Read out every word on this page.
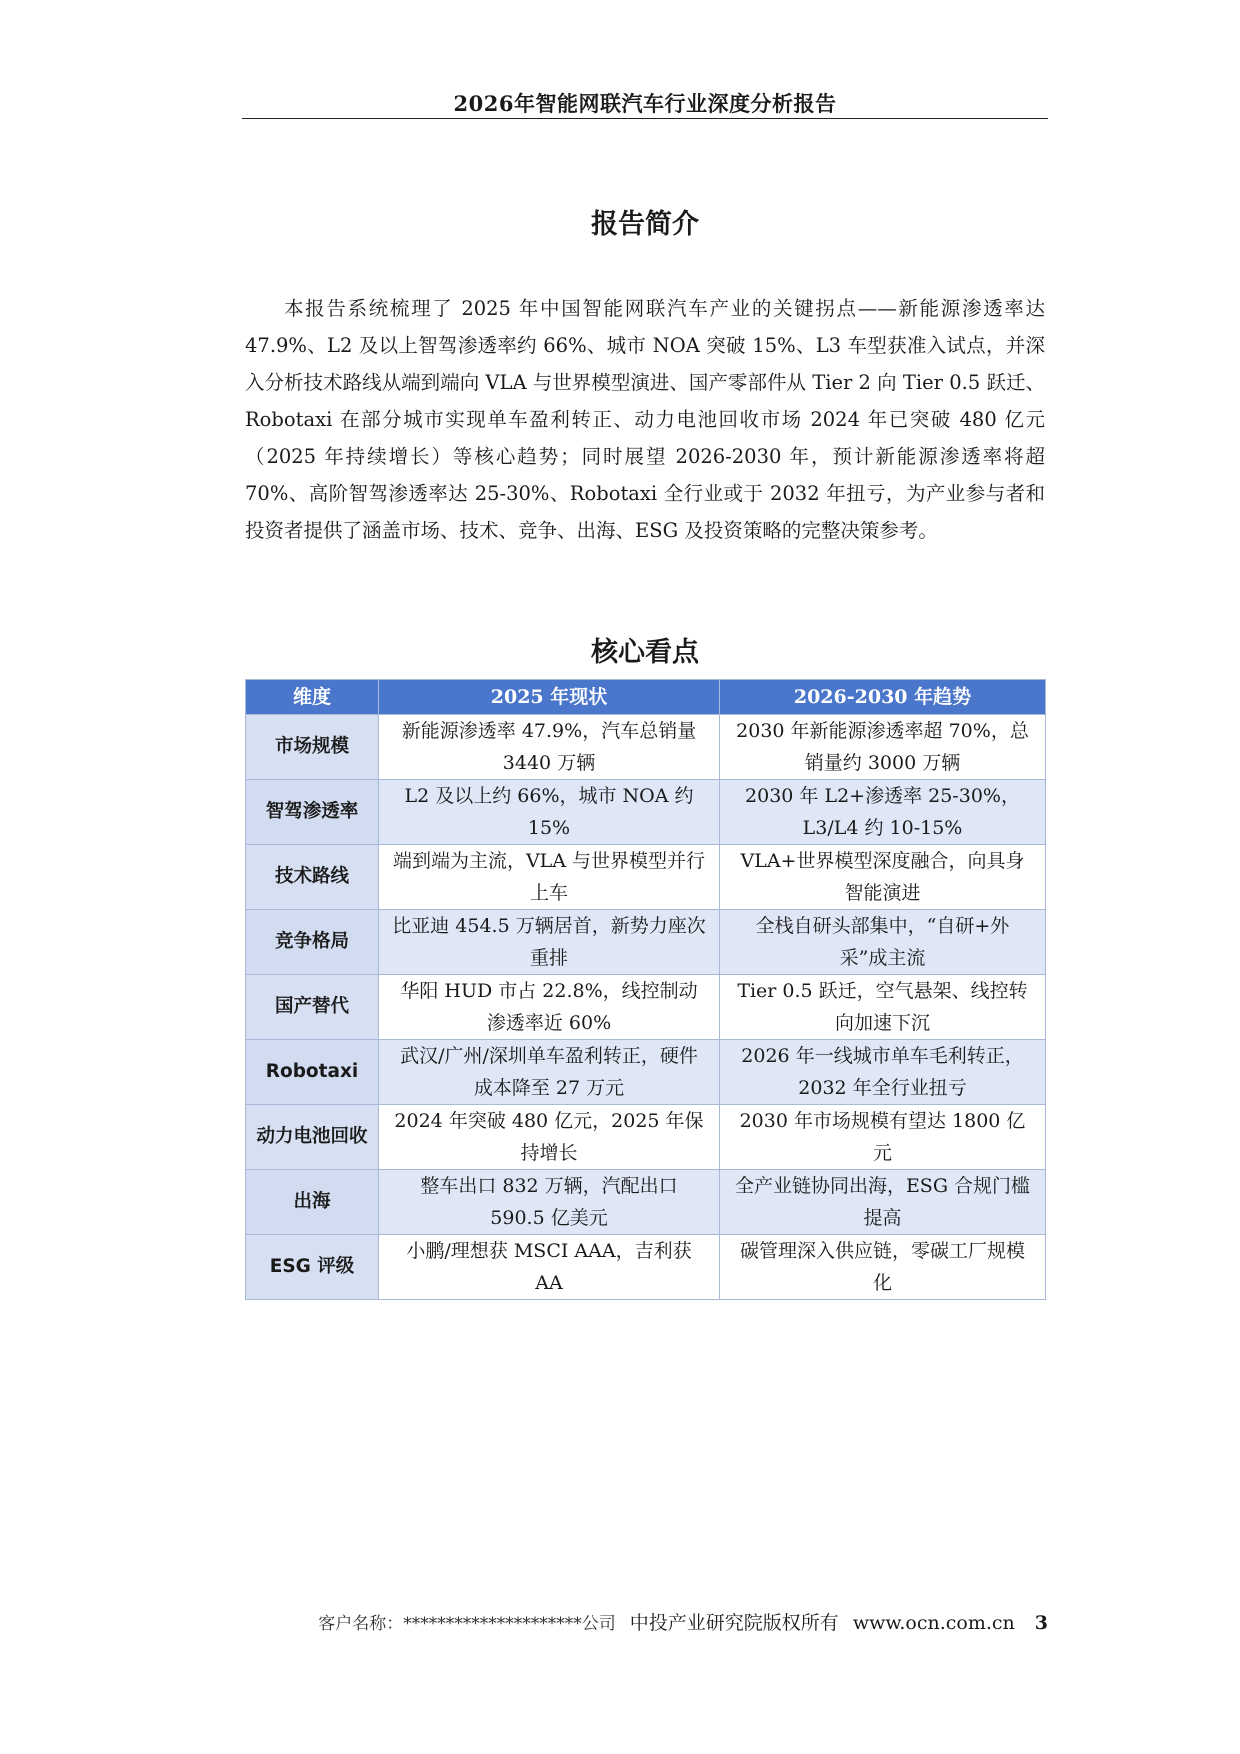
2026年智能网联汽车行业深度分析报告
报告简介

本报告系统梳理了 2025 年中国智能网联汽车产业的关键拐点——新能源渗透率达 47.9%、L2 及以上智驾渗透率约 66%、城市 NOA 突破 15%、L3 车型获准入试点，并深入分析技术路线从端到端向 VLA 与世界模型演进、国产零部件从 Tier 2 向 Tier 0.5 跃迁、Robotaxi 在部分城市实现单车盈利转正、动力电池回收市场 2024 年已突破 480 亿元（2025 年持续增长）等核心趋势；同时展望 2026-2030 年，预计新能源渗透率将超 70%、高阶智驾渗透率达 25-30%、Robotaxi 全行业或于 2032 年扭亏，为产业参与者和投资者提供了涵盖市场、技术、竞争、出海、ESG 及投资策略的完整决策参考。

核心看点
维度	2025 年现状	2026-2030 年趋势
市场规模	新能源渗透率 47.9%，汽车总销量 3440 万辆	2030 年新能源渗透率超 70%，总销量约 3000 万辆
智驾渗透率	L2 及以上约 66%，城市 NOA 约 15%	2030 年 L2+渗透率 25-30%，L3/L4 约 10-15%
技术路线	端到端为主流，VLA 与世界模型并行上车	VLA+世界模型深度融合，向具身智能演进
竞争格局	比亚迪 454.5 万辆居首，新势力座次重排	全栈自研头部集中，“自研+外采”成主流
国产替代	华阳 HUD 市占 22.8%，线控制动渗透率近 60%	Tier 0.5 跃迁，空气悬架、线控转向加速下沉
Robotaxi	武汉/广州/深圳单车盈利转正，硬件成本降至 27 万元	2026 年一线城市单车毛利转正，2032 年全行业扭亏
动力电池回收	2024 年突破 480 亿元，2025 年保持增长	2030 年市场规模有望达 1800 亿元
出海	整车出口 832 万辆，汽配出口 590.5 亿美元	全产业链协同出海，ESG 合规门槛提高
ESG 评级	小鹏/理想获 MSCI AAA，吉利获 AA	碳管理深入供应链，零碳工厂规模化
客户名称：*********************公司 中投产业研究院版权所有 www.ocn.com.cn 3
